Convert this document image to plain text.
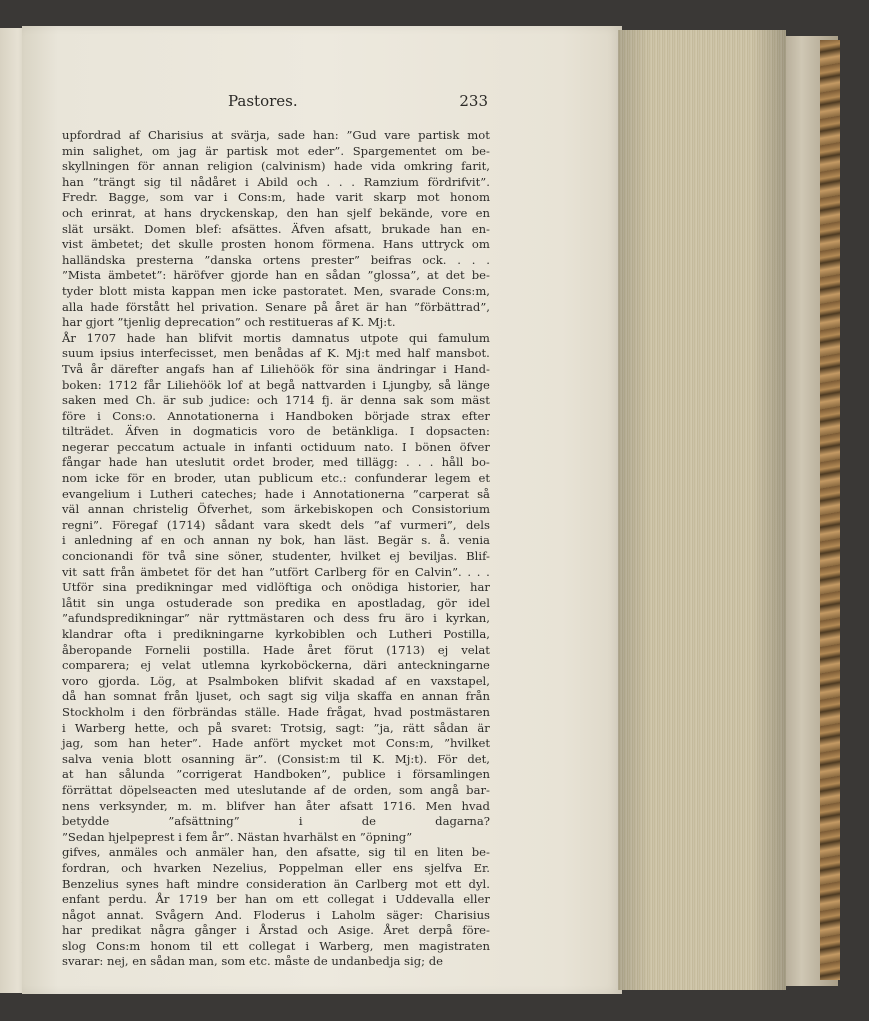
Pastores.	233
upfordrad af Charisius at svärja, sade han: ”Gud vare partisk mot
min salighet, om jag är partisk mot eder”. Spargementet om be-
skyllningen för annan religion (calvinism) hade vida omkring farit,
han ”trängt sig til nådåret i Abild och . . . Ramzium fördrifvit”.
Fredr. Bagge, som var i Cons:m, hade varit skarp mot honom
och erinrat, at hans dryckenskap, den han sjelf bekände, vore en
slät ursäkt. Domen blef: afsättes. Äfven afsatt, brukade han en-
vist ämbetet; det skulle prosten honom förmena. Hans uttryck om
halländska presterna ”danska ortens prester” beifras ock. . . .
”Mista ämbetet”: häröfver gjorde han en sådan ”glossa”, at det be-
tyder blott mista kappan men icke pastoratet. Men, svarade Cons:m,
alla hade förstått hel privation. Senare på året är han ”förbättrad”,
har gjort ”tjenlig deprecation” och restitueras af K. Mj:t.
År 1707 hade han blifvit mortis damnatus utpote qui famulum
suum ipsius interfecisset, men benådas af K. Mj:t med half mansbot.
Två år därefter angafs han af Liliehöök för sina ändringar i Hand-
boken: 1712 får Liliehöök lof at begå nattvarden i Ljungby, så länge
saken med Ch. är sub judice: och 1714 fj. är denna sak som mäst
före i Cons:o. Annotationerna i Handboken började strax efter
tilträdet. Äfven in dogmaticis voro de betänkliga. I dopsacten:
negerar peccatum actuale in infanti octiduum nato. I bönen öfver
fångar hade han uteslutit ordet broder, med tillägg: . . . håll bo-
nom icke för en broder, utan publicum etc.: confunderar legem et
evangelium i Lutheri cateches; hade i Annotationerna ”carperat så
väl annan christelig Öfverhet, som ärkebiskopen och Consistorium
regni”. Föregaf (1714) sådant vara skedt dels ”af vurmeri”, dels
i anledning af en och annan ny bok, han läst. Begär s. å. venia
concionandi för två sine söner, studenter, hvilket ej beviljas. Blif-
vit satt från ämbetet för det han ”utfört Carlberg för en Calvin”. . . .
Utför sina predikningar med vidlöftiga och onödiga historier, har
låtit sin unga ostuderade son predika en apostladag, gör idel
”afundspredikningar” när ryttmästaren och dess fru äro i kyrkan,
klandrar ofta i predikningarne kyrkobiblen och Lutheri Postilla,
åberopande Fornelii postilla. Hade året förut (1713) ej velat
comparera; ej velat utlemna kyrkoböckerna, däri anteckningarne
voro gjorda. Lög, at Psalmboken blifvit skadad af en vaxstapel,
då han somnat från ljuset, och sagt sig vilja skaffa en annan från
Stockholm i den förbrändas ställe. Hade frågat, hvad postmästaren
i Warberg hette, och på svaret: Trotsig, sagt: ”ja, rätt sådan är
jag, som han heter”. Hade anfört mycket mot Cons:m, ”hvilket
salva venia blott osanning är”. (Consist:m til K. Mj:t). För det,
at han sålunda ”corrigerat Handboken”, publice i församlingen
förrättat döpelseacten med uteslutande af de orden, som angå bar-
nens verksynder, m. m. blifver han åter afsatt 1716. Men hvad
betydde	”afsättning”	i	de	dagarna?
”Sedan hjelpeprest i fem år”. Nästan hvarhälst en ”öpning”
gifves, anmäles och anmäler han, den afsatte, sig til en liten be-
fordran, och hvarken Nezelius, Poppelman eller ens sjelfva Er.
Benzelius synes haft mindre consideration än Carlberg mot ett dyl.
enfant perdu. År 1719 ber han om ett collegat i Uddevalla eller
något annat. Svågern And. Floderus i Laholm säger: Charisius
har predikat några gånger i Årstad och Asige. Året derpå före-
slog Cons:m honom til ett collegat i Warberg, men magistraten
svarar: nej, en sådan man, som etc. måste de undanbedja sig; de
